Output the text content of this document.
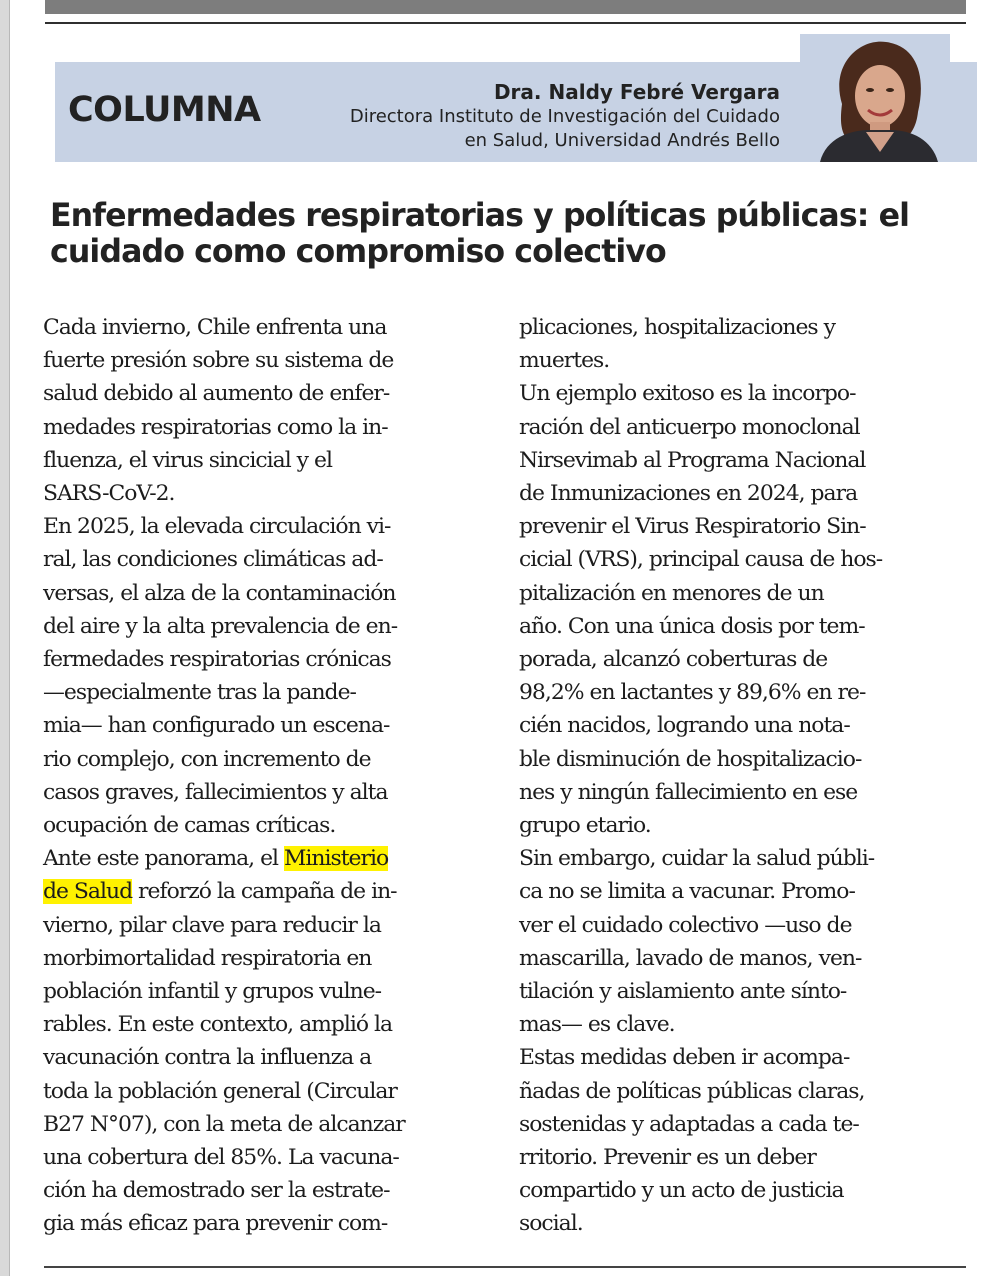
COLUMNA	Dra. Naldy Febré Vergara
Directora Instituto de Investigación del Cuidado
en Salud, Universidad Andrés Bello
Enfermedades respiratorias y políticas públicas: el
cuidado como compromiso colectivo
Cada invierno, Chile enfrenta una
fuerte presión sobre su sistema de
salud debido al aumento de enfer-
medades respiratorias como la in-
fluenza, el virus sincicial y el
SARS-CoV-2.
En 2025, la elevada circulación vi-
ral, las condiciones climáticas ad-
versas, el alza de la contaminación
del aire y la alta prevalencia de en-
fermedades respiratorias crónicas
—especialmente tras la pande-
mia— han configurado un escena-
rio complejo, con incremento de
casos graves, fallecimientos y alta
ocupación de camas críticas.
Ante este panorama, el Ministerio
de Salud reforzó la campaña de in-
vierno, pilar clave para reducir la
morbimortalidad respiratoria en
población infantil y grupos vulne-
rables. En este contexto, amplió la
vacunación contra la influenza a
toda la población general (Circular
B27 N°07), con la meta de alcanzar
una cobertura del 85%. La vacuna-
ción ha demostrado ser la estrate-
gia más eficaz para prevenir com-
plicaciones, hospitalizaciones y
muertes.
Un ejemplo exitoso es la incorpo-
ración del anticuerpo monoclonal
Nirsevimab al Programa Nacional
de Inmunizaciones en 2024, para
prevenir el Virus Respiratorio Sin-
cicial (VRS), principal causa de hos-
pitalización en menores de un
año. Con una única dosis por tem-
porada, alcanzó coberturas de
98,2% en lactantes y 89,6% en re-
cién nacidos, logrando una nota-
ble disminución de hospitalizacio-
nes y ningún fallecimiento en ese
grupo etario.
Sin embargo, cuidar la salud públi-
ca no se limita a vacunar. Promo-
ver el cuidado colectivo —uso de
mascarilla, lavado de manos, ven-
tilación y aislamiento ante sínto-
mas— es clave.
Estas medidas deben ir acompa-
ñadas de políticas públicas claras,
sostenidas y adaptadas a cada te-
rritorio. Prevenir es un deber
compartido y un acto de justicia
social.
